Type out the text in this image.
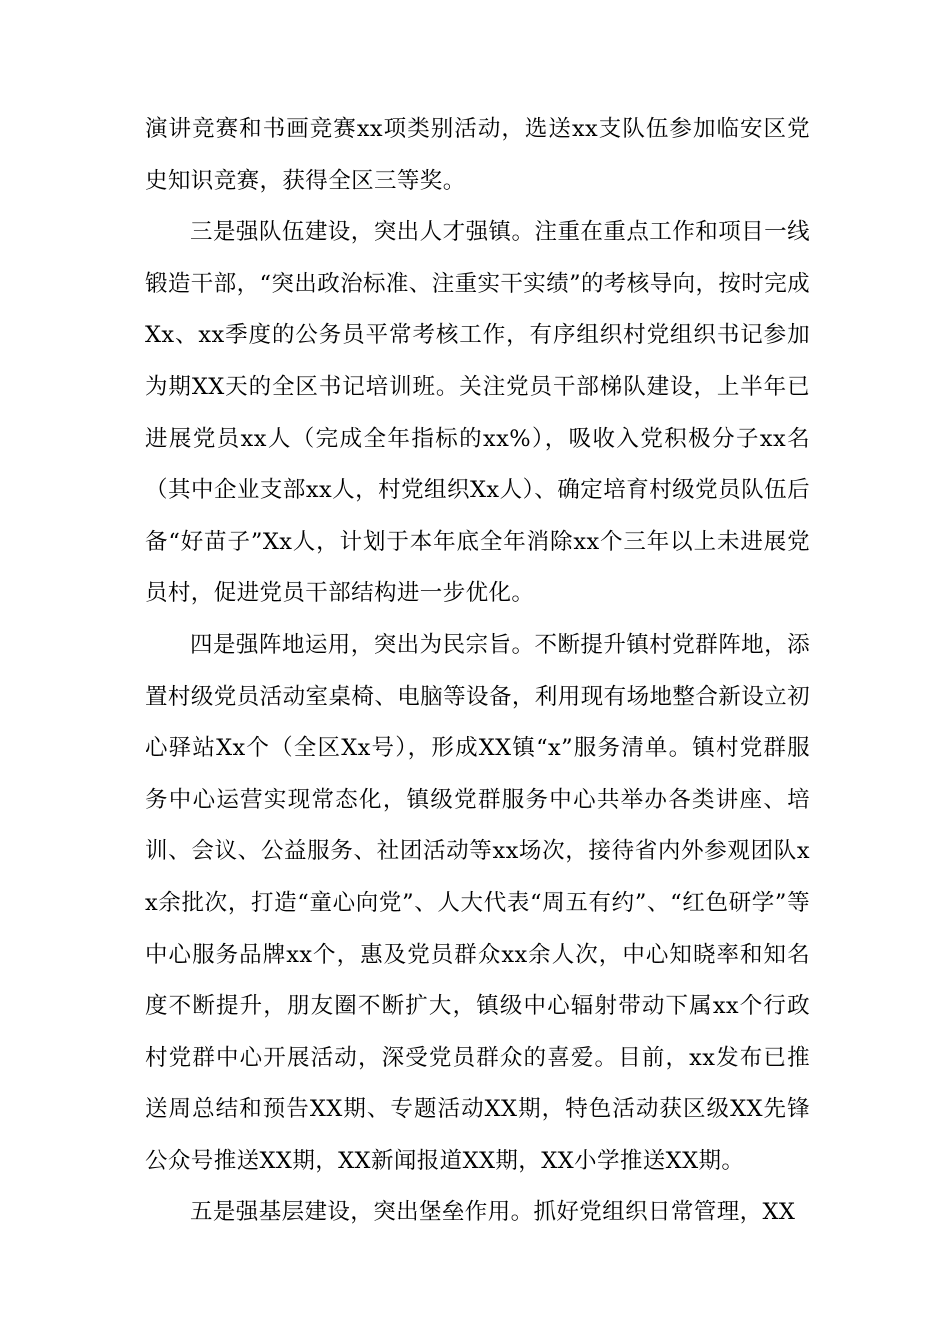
演讲竞赛和书画竞赛xx项类别活动，选送xx支队伍参加临安区党史知识竞赛，获得全区三等奖。

三是强队伍建设，突出人才强镇。注重在重点工作和项目一线锻造干部，“突出政治标准、注重实干实绩”的考核导向，按时完成Xx、xx季度的公务员平常考核工作，有序组织村党组织书记参加为期XX天的全区书记培训班。关注党员干部梯队建设，上半年已进展党员xx人（完成全年指标的xx%），吸收入党积极分子xx名（其中企业支部xx人，村党组织Xx人）、确定培育村级党员队伍后备“好苗子”Xx人，计划于本年底全年消除xx个三年以上未进展党员村，促进党员干部结构进一步优化。

四是强阵地运用，突出为民宗旨。不断提升镇村党群阵地，添置村级党员活动室桌椅、电脑等设备，利用现有场地整合新设立初心驿站Xx个（全区Xx号），形成XX镇“x”服务清单。镇村党群服务中心运营实现常态化，镇级党群服务中心共举办各类讲座、培训、会议、公益服务、社团活动等xx场次，接待省内外参观团队xx余批次，打造“童心向党”、人大代表“周五有约”、“红色研学”等中心服务品牌xx个，惠及党员群众xx余人次，中心知晓率和知名度不断提升，朋友圈不断扩大，镇级中心辐射带动下属xx个行政村党群中心开展活动，深受党员群众的喜爱。目前，xx发布已推送周总结和预告XX期、专题活动XX期，特色活动获区级XX先锋公众号推送XX期，XX新闻报道XX期，XX小学推送XX期。

五是强基层建设，突出堡垒作用。抓好党组织日常管理，XX
